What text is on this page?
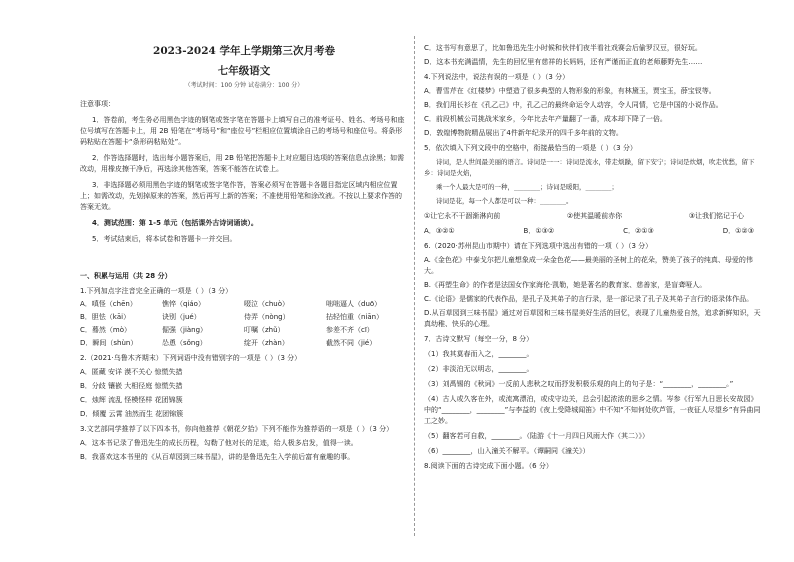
2023-2024 学年上学期第三次月考卷
七年级语文
（考试时间：100 分钟 试卷满分：100 分）
注意事项：

1．答卷前，考生务必用黑色字迹的钢笔或签字笔在答题卡上填写自己的准考证号、姓名、考场号和座位号填写在答题卡上，用 2B 铅笔在“考场号”和“座位号”栏相应位置填涂自己的考场号和座位号。将条形码粘贴在答题卡“条形码粘贴处”。

2．作答选择题时，选出每小题答案后，用 2B 铅笔把答题卡上对应题目选项的答案信息点涂黑；如需改动，用橡皮擦干净后，再选涂其他答案，答案不能答在试卷上。

3．非选择题必须用黑色字迹的钢笔或签字笔作答，答案必须写在答题卡各题目指定区域内相应位置上；如需改动，先划掉原来的答案，然后再写上新的答案；不准使用铅笔和涂改液。不按以上要求作答的答案无效。

4．测试范围：第 1-5 单元（包括课外古诗词诵读）。

5．考试结束后，将本试卷和答题卡一并交回。

一、积累与运用（共 28 分）
1.下列加点字注音完全正确的一项是（ ）（3 分）
A．嗔怪（chēn）	憔悴（qiáo）	啜泣（chuò）	咄咄逼人（duō）
B．胆怯（kāi）	诀别（jué）	侍弄（nòng）	拈轻怕重（niān）
C．蓦然（mò）	倔强（jiàng）	叮嘱（zhǔ）	参差不齐（cī）
D．瞬间（shùn）	怂恿（sǒng）	绽开（zhàn）	截然不同（jié）
2.（2021·乌鲁木齐期末）下列词语中没有错别字的一项是（ ）（3 分）
A．匿藏 安详 漠不关心 惊慌失措
B．分歧 镶嵌 大相径庭 惊慌失措
C．烛辉 流乱 怪模怪样 花团锦簇
D．倾覆 云霄 油然而生 花团锦簇
3.文艺部同学推荐了以下四本书，你向他推荐《朝花夕拾》下列不能作为推荐语的一项是（ ）（3 分）
A．这本书记录了鲁迅先生的成长历程，勾勒了他对长的足迹，给人极多启发，值得一读。
B．我喜欢这本书里的《从百草园到三味书屋》，讲的是鲁迅先生入学前后富有童趣的事。
C．这书写有意思了，比如鲁迅先生小时候和伙伴们夜半看社戏赛会后偷罗汉豆，很好玩。
D．这本书充满温情，先生的回忆里有慈祥的长妈妈，还有严谨而正直的老师藤野先生……
4.下列说法中，说法有误的一项是（ ）（3 分）
A．曹雪芹在《红楼梦》中塑造了很多典型的人物形象的形象，有林黛玉，贾宝玉，薛宝钗等。
B．我们用长衫在《孔乙己》中，孔乙己的最终命运令人动容，令人同情，它是中国的小说作品。
C．前段机械公司挑战米家乡，今年比去年产量翻了一番，成本却下降了一倍。
D．敦煌博物院精品展出了4件新年纪录开的四千多年前的文物。
5．依次填入下列文段中的空格中，衔接最恰当的一项是（ ）（3 分）
诗词，是人世间最美丽的语言。诗词是一一：诗词是流水，带走烦躁，留下安宁；诗词是炊烟，吹走忧愁，留下乡：诗词是火焰，
乘一个人最大是可的一种，________；诗词是暖阳，________；
诗词是花，每一个人都是可以一种：________。
①让它永不干涸渐淋向前	②使其温暖前赤你	③让我们铭记于心
A．③②①	B．①③②	C．②①③	D．①②③
6.（2020·苏州昆山市期中）请在下列选项中选出有错的一项（ ）（3 分）
A.《金色花》中泰戈尔把儿童想象成一朵金色花——最美丽的圣树上的花朵，赞美了孩子的纯真、母爱的伟大。
B.《再塑生命》的作者是法国女作家海伦·凯勒，她是著名的教育家、慈善家，是盲聋哑人。
C.《论语》是儒家的代表作品，是孔子及其弟子的言行录，是一部记录了孔子及其弟子言行的语录体作品。
D.从百草园到三味书屋》通过对百草园和三味书屋美好生活的回忆，表现了儿童热爱自然，追求新鲜知识，天真幼稚、快乐的心理。
7．古诗文默写（每空一分，8 分）
（1）我其莫春而入之，________。
（2）非淡泊无以明志，________。
（3）刘禹锡的《秋词》一反前人悲秋之叹而抒发积极乐观的向上的句子是：“________，________。”
（4）古人或久客在外，或流寓漂泊，或戍守边关，总会引起浓浓的思乡之情。岑参《行军九日思长安故园》中的“________，________”与李益的《夜上受降城闻笛》中不知“不知何处吹芦管，一夜征人尽望乡”有异曲同工之妙。
（5）翻客若可自救，________。（陆游《十一月四日风雨大作（其二）》）
（6）________，山入潼关不解平。（谭嗣同《潼关》）
8.阅读下面的古诗完成下面小题。（6 分）
